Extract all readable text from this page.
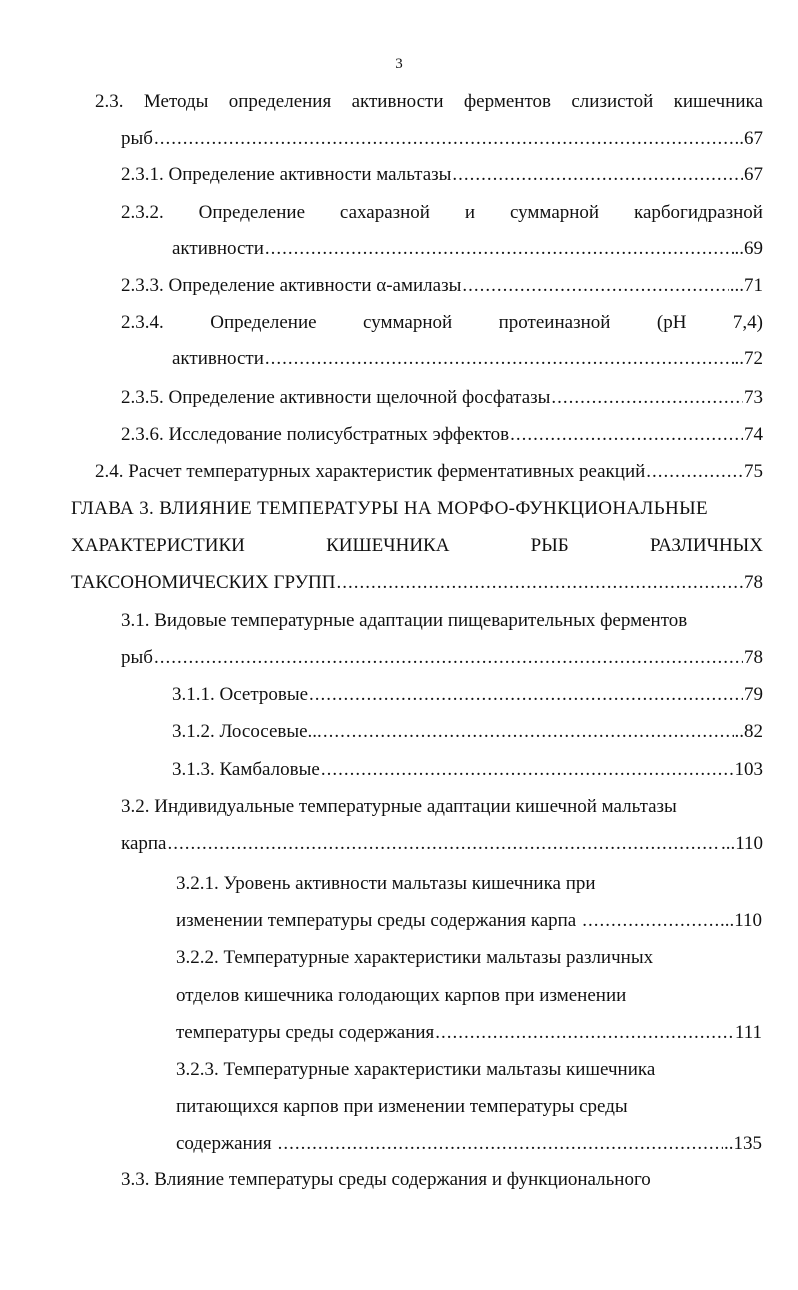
3
2.3. Методы определения активности ферментов слизистой кишечника
рыб .....	..67
2.3.1. Определение активности мальтазы .....	67
2.3.2. Определение сахаразной и суммарной карбогидразной
активности .....	..69
2.3.3. Определение активности α-амилазы .....	...71
2.3.4. Определение суммарной протеиназной (pH 7,4)
активности .....	..72
2.3.5. Определение активности щелочной фосфатазы .....	73
2.3.6. Исследование полисубстратных эффектов .....	74
2.4. Расчет температурных характеристик ферментативных реакций .....	75
ГЛАВА 3. ВЛИЯНИЕ ТЕМПЕРАТУРЫ НА МОРФО-ФУНКЦИОНАЛЬНЫЕ
ХАРАКТЕРИСТИКИ	КИШЕЧНИКА	РЫБ	РАЗЛИЧНЫХ
ТАКСОНОМИЧЕСКИХ ГРУПП .....	78
3.1. Видовые температурные адаптации пищеварительных ферментов
рыб .....	78
3.1.1. Осетровые .....	79
3.1.2. Лососевые... .....	..82
3.1.3. Камбаловые .....	103
3.2. Индивидуальные температурные адаптации кишечной мальтазы
карпа .....	...110
3.2.1. Уровень активности мальтазы кишечника при
изменении температуры среды содержания карпа .....	...110
3.2.2. Температурные характеристики мальтазы различных
отделов кишечника голодающих карпов при изменении
температуры среды содержания .....	111
3.2.3. Температурные характеристики мальтазы кишечника
питающихся карпов при изменении температуры среды
содержания .....	..135
3.3. Влияние температуры среды содержания и функционального
